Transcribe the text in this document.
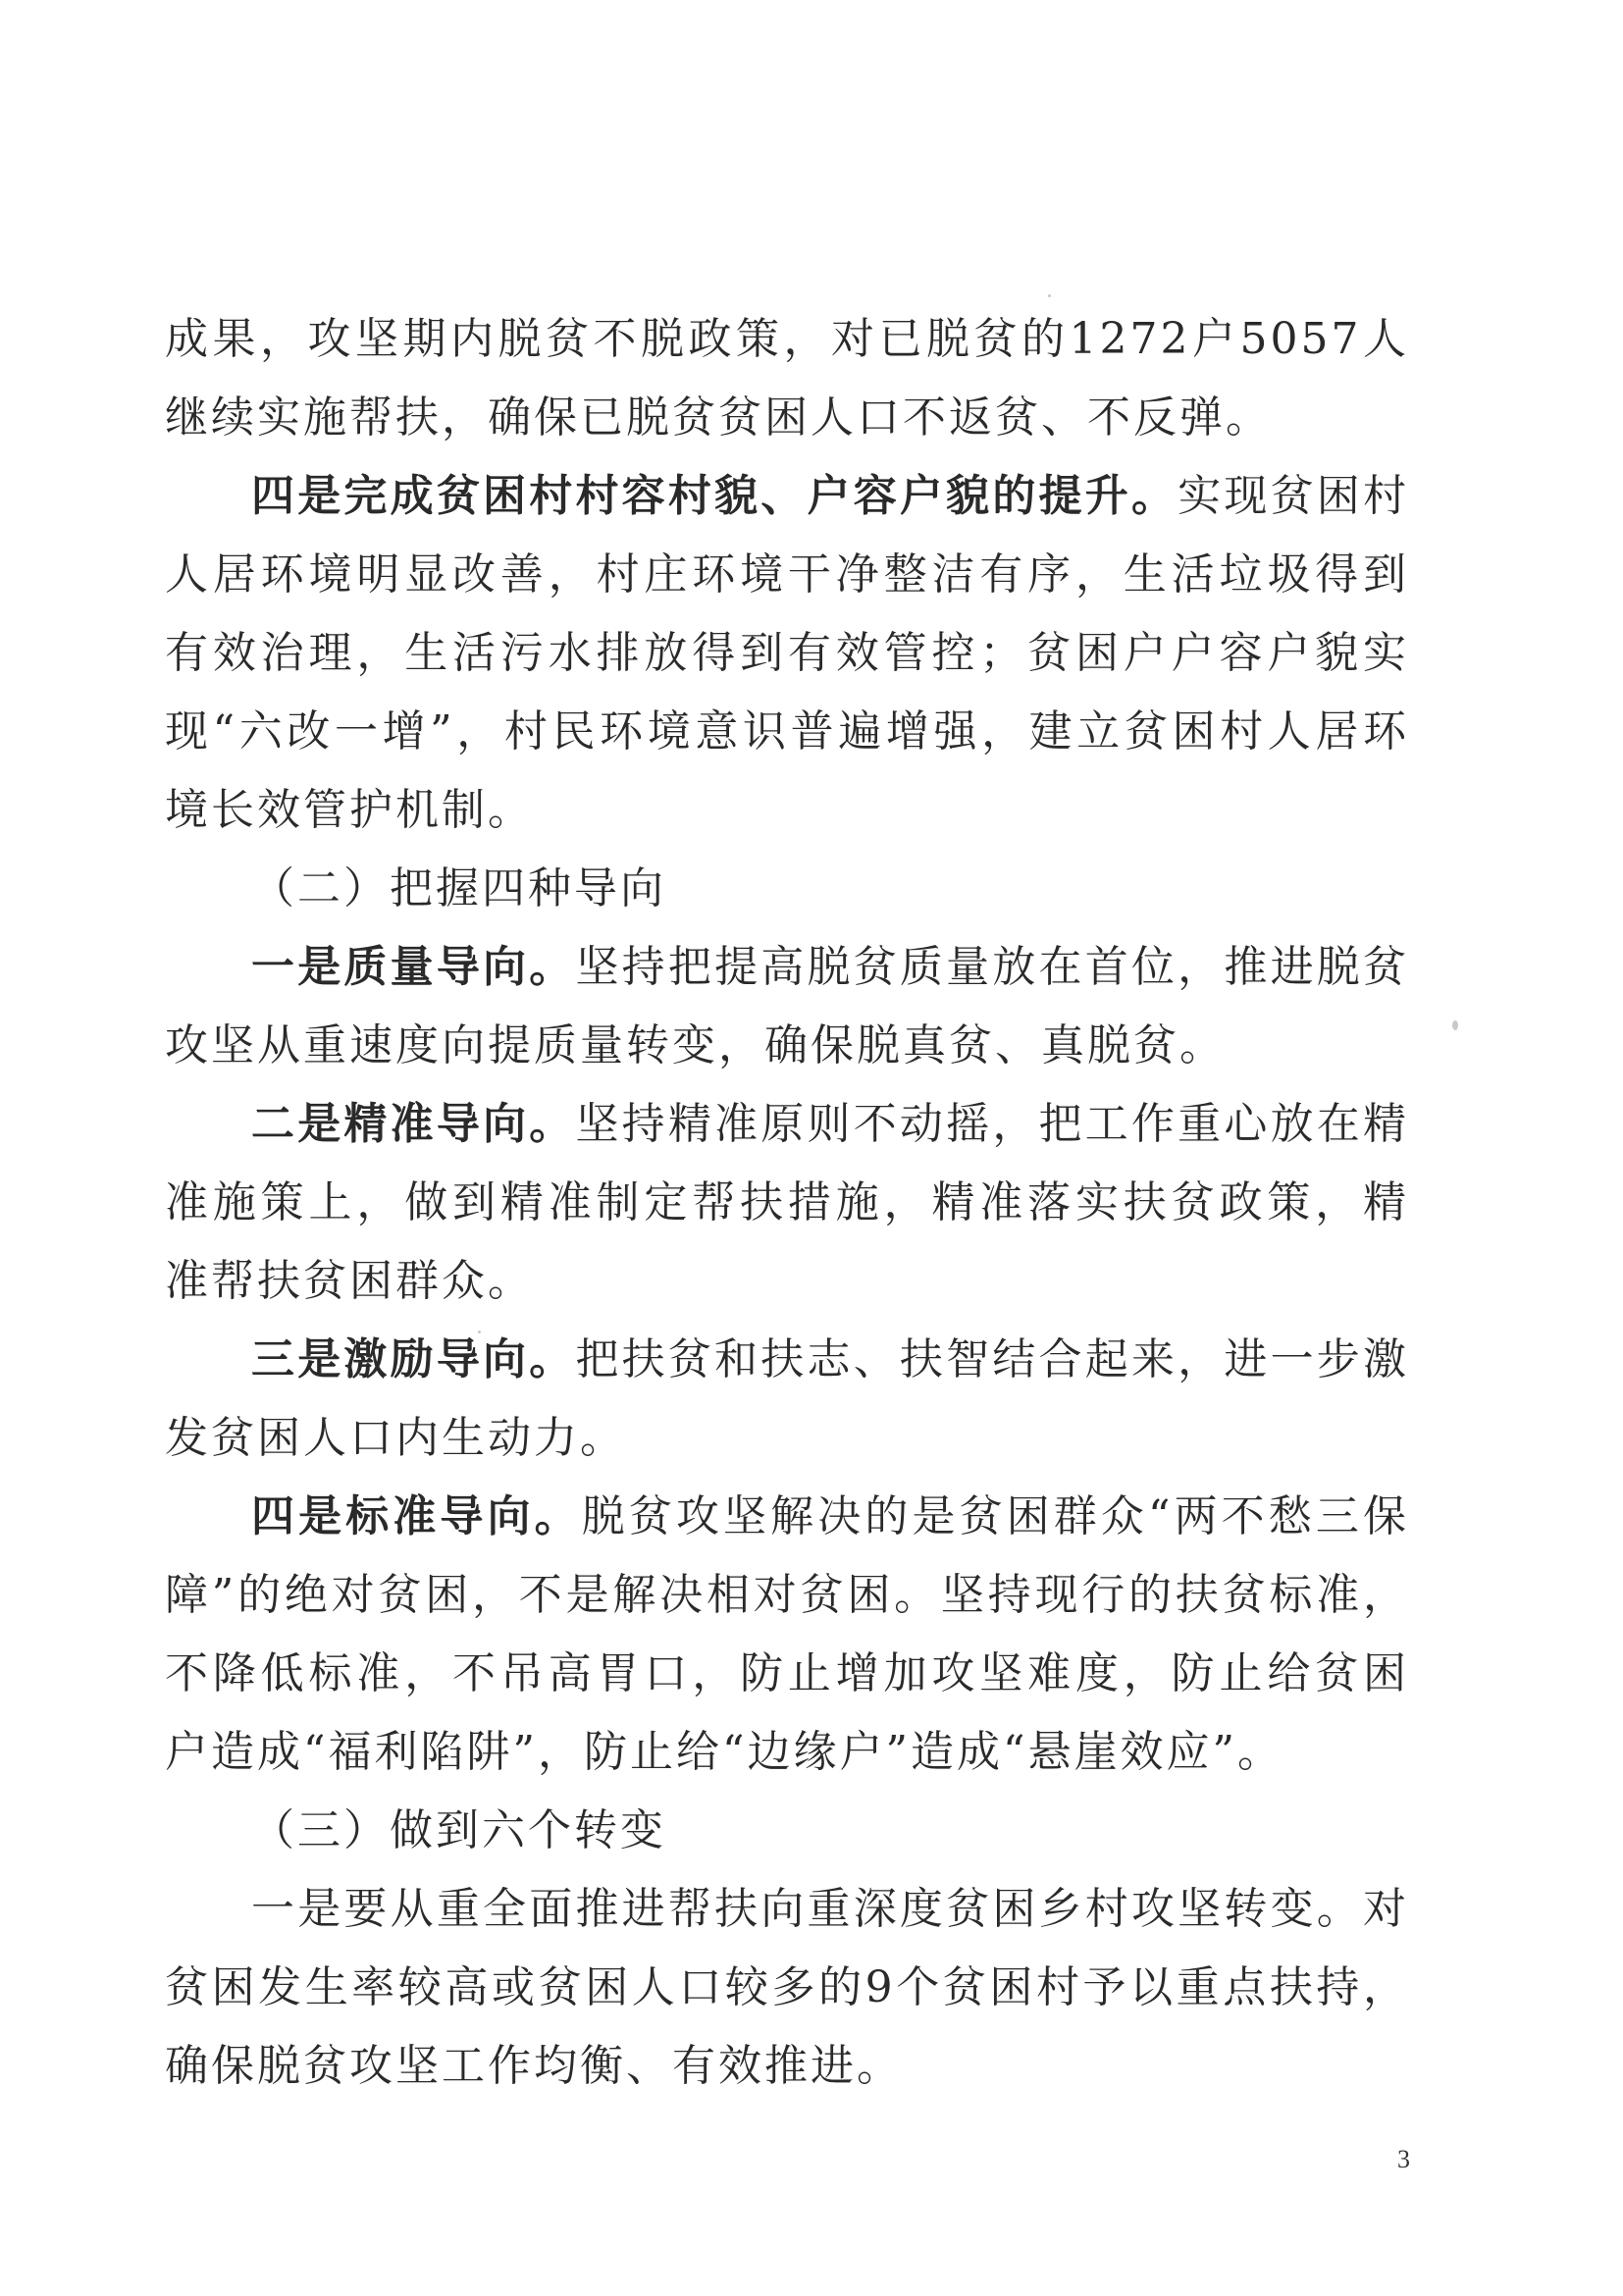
成果，攻坚期内脱贫不脱政策，对已脱贫的1272户5057人继续实施帮扶，确保已脱贫贫困人口不返贫、不反弹。

四是完成贫困村村容村貌、户容户貌的提升。实现贫困村人居环境明显改善，村庄环境干净整洁有序，生活垃圾得到有效治理，生活污水排放得到有效管控；贫困户户容户貌实现“六改一增”，村民环境意识普遍增强，建立贫困村人居环境长效管护机制。

（二）把握四种导向

一是质量导向。坚持把提高脱贫质量放在首位，推进脱贫攻坚从重速度向提质量转变，确保脱真贫、真脱贫。

二是精准导向。坚持精准原则不动摇，把工作重心放在精准施策上，做到精准制定帮扶措施，精准落实扶贫政策，精准帮扶贫困群众。

三是激励导向。把扶贫和扶志、扶智结合起来，进一步激发贫困人口内生动力。

四是标准导向。脱贫攻坚解决的是贫困群众“两不愁三保障”的绝对贫困，不是解决相对贫困。坚持现行的扶贫标准，不降低标准，不吊高胃口，防止增加攻坚难度，防止给贫困户造成“福利陷阱”，防止给“边缘户”造成“悬崖效应”。

（三）做到六个转变

一是要从重全面推进帮扶向重深度贫困乡村攻坚转变。对贫困发生率较高或贫困人口较多的9个贫困村予以重点扶持，确保脱贫攻坚工作均衡、有效推进。

3
